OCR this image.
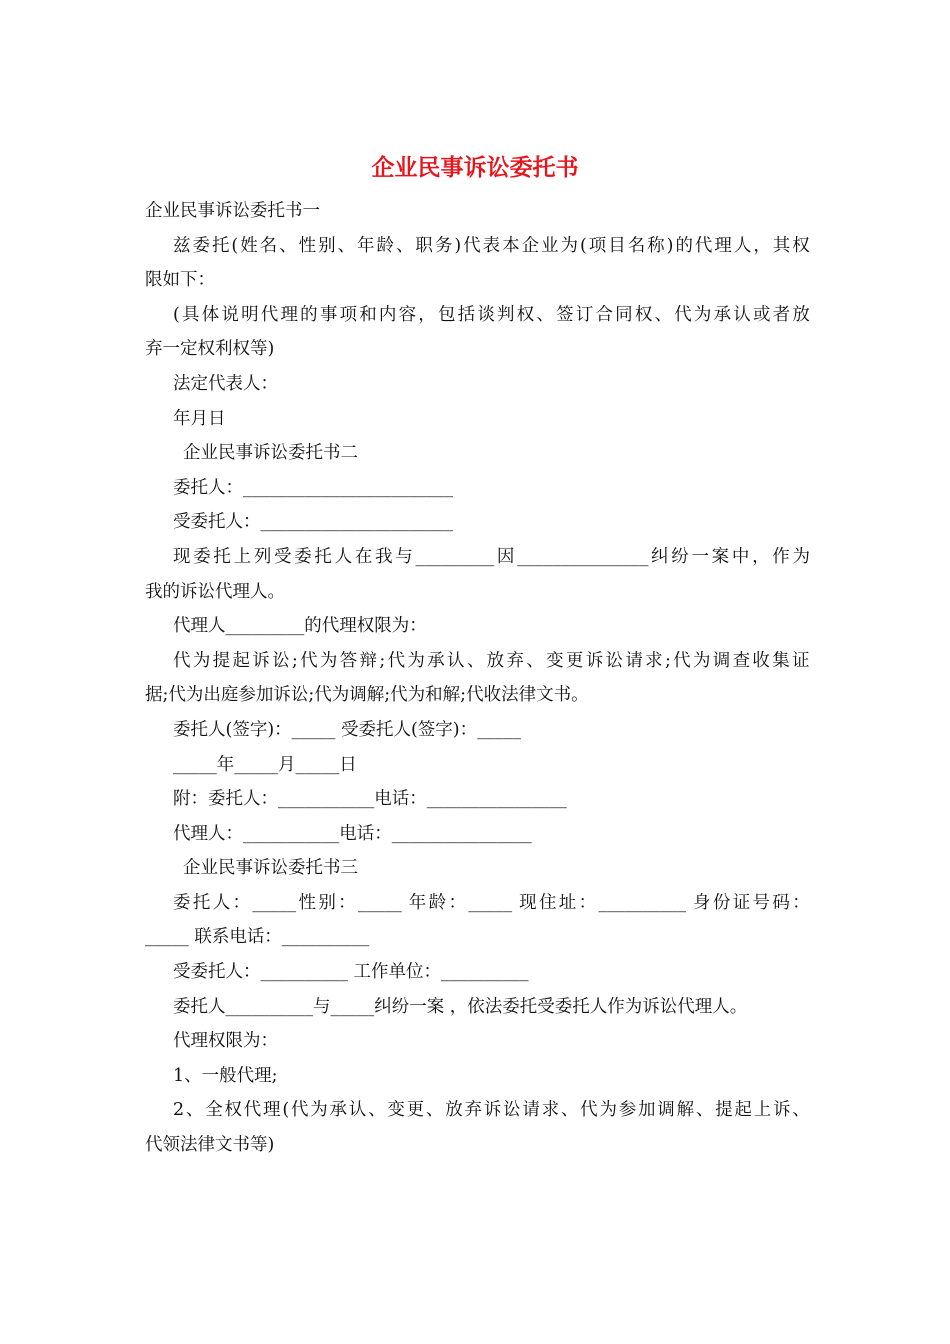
企业民事诉讼委托书
企业民事诉讼委托书一
兹 委 托 ( 姓 名 、 性 别 、 年 龄 、 职 务 ) 代 表 本 企 业 为 ( 项 目 名 称 ) 的 代 理 人 ， 其 权
限如下：
( 具 体 说 明 代 理 的 事 项 和 内 容 ， 包 括 谈 判 权 、 签 订 合 同 权 、 代 为 承 认 或 者 放
弃一定权利权等)
法定代表人：
年月日
企业民事诉讼委托书二
委托人：________________________
受委托人：______________________
现 委 托 上 列 受 委 托 人 在 我 与 _________ 因 _______________ 纠 纷 一 案 中 ， 作 为
我的诉讼代理人。
代理人_________的代理权限为：
代 为 提 起 诉 讼 ; 代 为 答 辩 ; 代 为 承 认 、 放 弃 、 变 更 诉 讼 请 求 ; 代 为 调 查 收 集 证
据;代为出庭参加诉讼;代为调解;代为和解;代收法律文书。
委托人(签字)：_____ 受委托人(签字)：_____
_____年_____月_____日
附：委托人：___________电话：________________
代理人：___________电话：________________
企业民事诉讼委托书三
委 托 人 ： _____ 性 别 ： _____ 年 龄 ： _____ 现 住 址 ： __________ 身 份 证 号 码 ：
_____ 联系电话：__________
受委托人：__________ 工作单位：__________
委托人__________与_____纠纷一案 ，依法委托受委托人作为诉讼代理人。
代理权限为：
1、一般代理;
2 、 全 权 代 理 ( 代 为 承 认 、 变 更 、 放 弃 诉 讼 请 求 、 代 为 参 加 调 解 、 提 起 上 诉 、
代领法律文书等)
